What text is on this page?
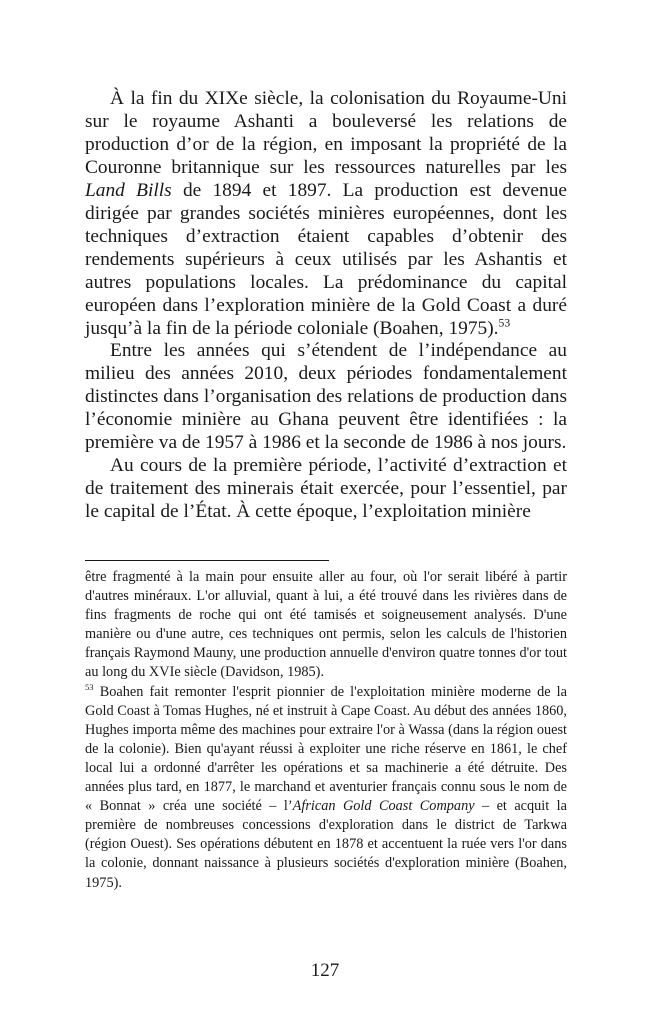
À la fin du XIXe siècle, la colonisation du Royaume-Uni sur le royaume Ashanti a bouleversé les relations de production d’or de la région, en imposant la propriété de la Couronne britannique sur les ressources naturelles par les Land Bills de 1894 et 1897. La production est devenue dirigée par grandes sociétés minières européennes, dont les techniques d’extraction étaient capables d’obtenir des rendements supérieurs à ceux utilisés par les Ashantis et autres populations locales. La prédominance du capital européen dans l’exploration minière de la Gold Coast a duré jusqu’à la fin de la période coloniale (Boahen, 1975).$^{53}$

Entre les années qui s’étendent de l’indépendance au milieu des années 2010, deux périodes fondamentalement distinctes dans l’organisation des relations de production dans l’économie minière au Ghana peuvent être identifiées : la première va de 1957 à 1986 et la seconde de 1986 à nos jours.

Au cours de la première période, l’activité d’extraction et de traitement des minerais était exercée, pour l’essentiel, par le capital de l’État. À cette époque, l’exploitation minière

être fragmenté à la main pour ensuite aller au four, où l'or serait libéré à partir d'autres minéraux. L'or alluvial, quant à lui, a été trouvé dans les rivières dans de fins fragments de roche qui ont été tamisés et soigneusement analysés. D'une manière ou d'une autre, ces techniques ont permis, selon les calculs de l'historien français Raymond Mauny, une production annuelle d'environ quatre tonnes d'or tout au long du XVIe siècle (Davidson, 1985).

$^{53}$ Boahen fait remonter l'esprit pionnier de l'exploitation minière moderne de la Gold Coast à Tomas Hughes, né et instruit à Cape Coast. Au début des années 1860, Hughes importa même des machines pour extraire l'or à Wassa (dans la région ouest de la colonie). Bien qu'ayant réussi à exploiter une riche réserve en 1861, le chef local lui a ordonné d'arrêter les opérations et sa machinerie a été détruite. Des années plus tard, en 1877, le marchand et aventurier français connu sous le nom de « Bonnat » créa une société – l’African Gold Coast Company – et acquit la première de nombreuses concessions d'exploration dans le district de Tarkwa (région Ouest). Ses opérations débutent en 1878 et accentuent la ruée vers l'or dans la colonie, donnant naissance à plusieurs sociétés d'exploration minière (Boahen, 1975).

127
